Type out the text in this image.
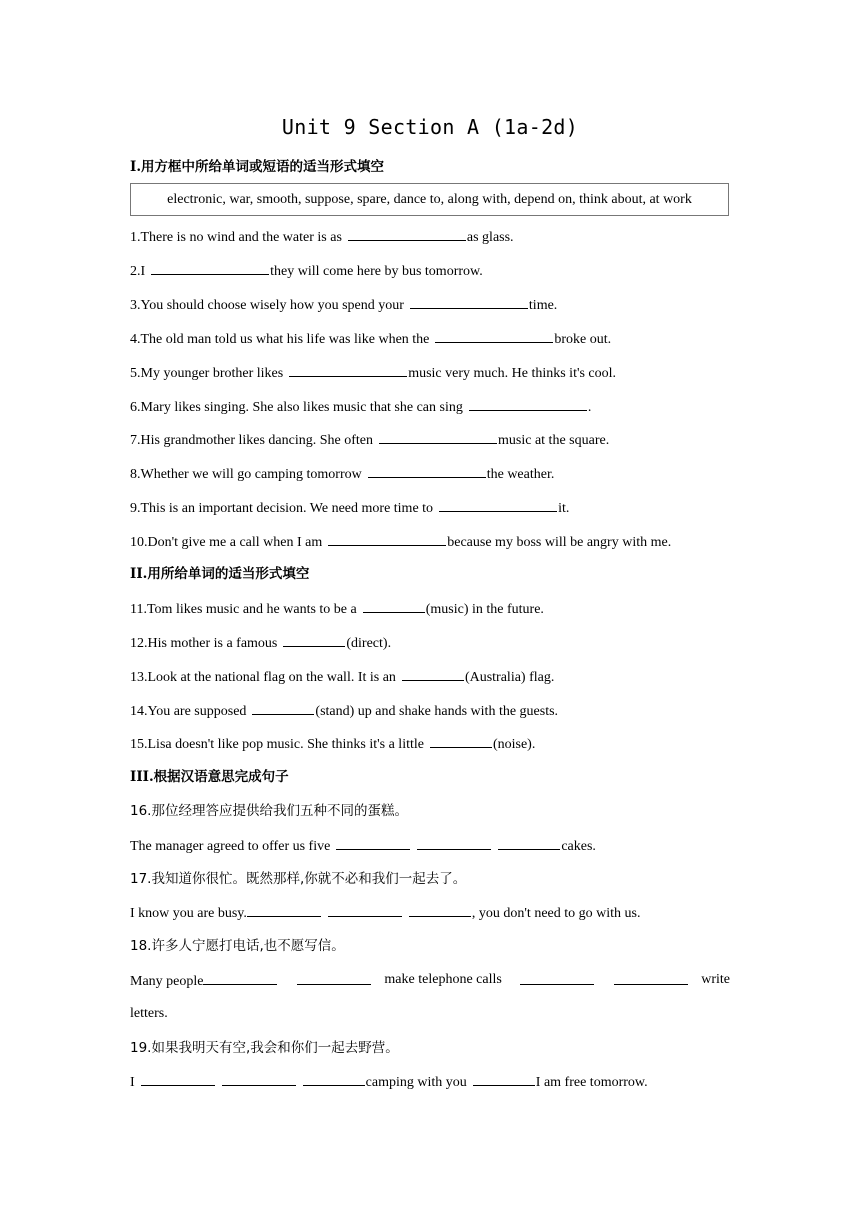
Unit 9 Section A (1a-2d)
I.用方框中所给单词或短语的适当形式填空
electronic, war, smooth, suppose, spare, dance to, along with, depend on, think about, at work
1.There is no wind and the water is as	as glass.
2.I	they will come here by bus tomorrow.
3.You should choose wisely how you spend your	time.
4.The old man told us what his life was like when the	broke out.
5.My younger brother likes	music very much. He thinks it's cool.
6.Mary likes singing. She also likes music that she can sing	.
7.His grandmother likes dancing. She often	music at the square.
8.Whether we will go camping tomorrow	the weather.
9.This is an important decision. We need more time to	it.
10.Don't give me a call when I am	because my boss will be angry with me.
II.用所给单词的适当形式填空
11.Tom likes music and he wants to be a	(music) in the future.
12.His mother is a famous	(direct).
13.Look at the national flag on the wall. It is an	(Australia) flag.
14.You are supposed	(stand) up and shake hands with the guests.
15.Lisa doesn't like pop music. She thinks it's a little	(noise).
III.根据汉语意思完成句子
16.那位经理答应提供给我们五种不同的蛋糕。
The manager agreed to offer us five	cakes.
17.我知道你很忙。既然那样,你就不必和我们一起去了。
I know you are busy.	, you don't need to go with us.
18.许多人宁愿打电话,也不愿写信。
Many people	make telephone calls	write
letters.
19.如果我明天有空,我会和你们一起去野营。
I	camping with you	I am free tomorrow.
